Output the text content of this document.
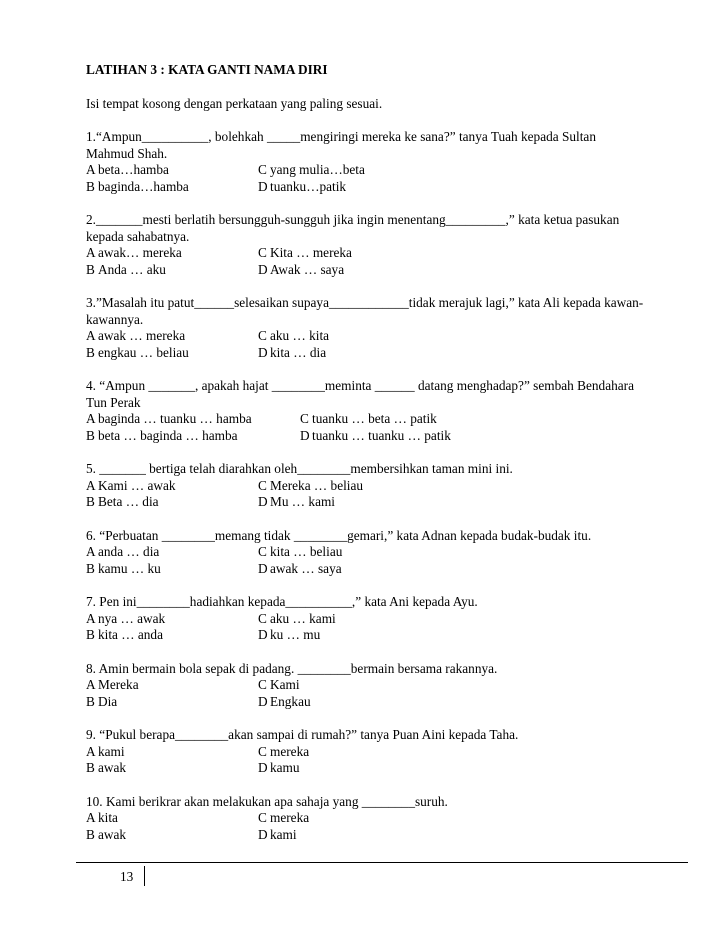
LATIHAN 3 : KATA GANTI NAMA DIRI

Isi tempat kosong dengan perkataan yang paling sesuai.
1.“Ampun__________, bolehkah _____mengiringi mereka ke sana?” tanya Tuah kepada Sultan
Mahmud Shah.
A beta…hamba	C yang mulia…beta
B baginda…hamba	D tuanku…patik
2._______mesti berlatih bersungguh-sungguh jika ingin menentang_________,” kata ketua pasukan
kepada sahabatnya.
A awak… mereka	C Kita … mereka
B Anda … aku	D Awak … saya
3.”Masalah itu patut______selesaikan supaya____________tidak merajuk lagi,” kata Ali kepada kawan-
kawannya.
A awak … mereka	C aku … kita
B engkau … beliau	D kita … dia
4. “Ampun _______, apakah hajat ________meminta ______ datang menghadap?” sembah Bendahara
Tun Perak
A baginda … tuanku … hamba	C tuanku … beta … patik
B beta … baginda … hamba	D tuanku … tuanku … patik
5. _______ bertiga telah diarahkan oleh________membersihkan taman mini ini.
A Kami … awak	C Mereka … beliau
B Beta … dia	D Mu … kami
6. “Perbuatan ________memang tidak ________gemari,” kata Adnan kepada budak-budak itu.
A anda … dia	C kita … beliau
B kamu … ku	D awak … saya
7. Pen ini________hadiahkan kepada__________,” kata Ani kepada Ayu.
A nya … awak	C aku … kami
B kita … anda	D ku … mu
8. Amin bermain bola sepak di padang. ________bermain bersama rakannya.
A Mereka	C Kami
B Dia	D Engkau
9. “Pukul berapa________akan sampai di rumah?” tanya Puan Aini kepada Taha.
A kami	C mereka
B awak	D kamu
10. Kami berikrar akan melakukan apa sahaja yang ________suruh.
A kita	C mereka
B awak	D kami
13
